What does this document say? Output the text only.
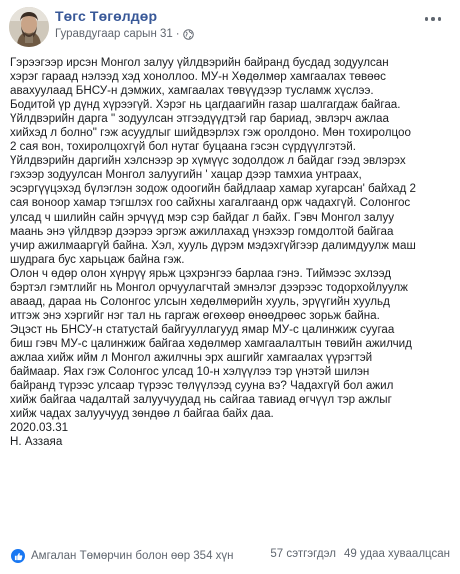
Төгс Төгөлдөр
Гуравдугаар сарын 31 ·
Гэрээгээр ирсэн Монгол залуу үйлдвэрийн байранд бусдад зодуулсан
хэрэг гараад нэлээд хэд хоноллоо. МУ-н Хөдөлмөр хамгаалах төвөөс
авахуулаад БНСУ-н дэмжих, хамгаалах төвүүдээр тусламж хүслээ.
Бодитой үр дүнд хүрээгүй. Хэрэг нь цагдаагийн газар шалгагдаж байгаа.
Үйлдвэрийн дарга " зодуулсан этгээдүүдтэй гар бариад, эвлэрч ажлаа
хийхэд л болно" гэж асуудлыг шийдвэрлэх гэж оролдоно. Мөн тохиролцоо
2 сая вон, тохиролцохгүй бол нутаг буцаана гэсэн сүрдүүлгэтэй.
Үйлдвэрийн даргийн хэлснээр эр хүмүүс зодолдож л байдаг гээд эвлэрэх
гэхээр зодуулсан Монгол залуугийн ' хацар дээр тамхиа унтраах,
эсэргүүцэхэд бүлэглэн зодож одоогийн байдлаар хамар хугарсан' байхад 2
сая воноор хамар тэгшлэх гоо сайхны хагалгаанд орж чадахгүй. Солонгос
улсад ч шилийн сайн эрчүүд мэр сэр байдаг л байх. Гэвч Монгол залуу
маань энэ үйлдвэр дээрээ эргэж ажиллахад үнэхээр гомдолтой байгаа
учир ажилмааргүй байна. Хэл, хууль дүрэм мэдэхгүйгээр далимдуулж маш
шудрага бус харьцаж байна гэж.
Олон ч өдөр олон хүнрүү ярьж цэхрэнгээ барлаа гэнэ. Тиймээс эхлээд
бэртэл гэмтлийг нь Монгол орчуулагчтай эмнэлэг дээрээс тодорхойлуулж
аваад, дараа нь Солонгос улсын хөдөлмөрийн хууль, эрүүгийн хуульд
итгэж энэ хэргийг нэг тал нь гаргаж өгөхөөр өнөөдрөөс зорьж байна.
Эцэст нь БНСУ-н статустай байгууллагууд ямар МУ-с цалинжиж суугаа
биш гэвч МУ-с цалинжиж байгаа хөдөлмөр хамгаалалтын төвийн ажилчид
ажлаа хийж ийм л Монгол ажилчны эрх ашгийг хамгаалах үүрэгтэй
баймаар. Яах гэж Солонгос улсад 10-н хэлүүлээ тэр үнэтэй шилэн
байранд түрээс улсаар түрээс төлүүлээд сууна вэ? Чадахгүй бол ажил
хийж байгаа чадалтай залуучуудад нь сайгаа тавиад өгчүүл тэр ажлыг
хийж чадах залуучууд зөндөө л байгаа байх даа.
2020.03.31
Н. Аззаяа
Амгалан Төмөрчин болон өөр 354 хүн	57 сэтгэгдэл 49 удаа хуваалцсан
